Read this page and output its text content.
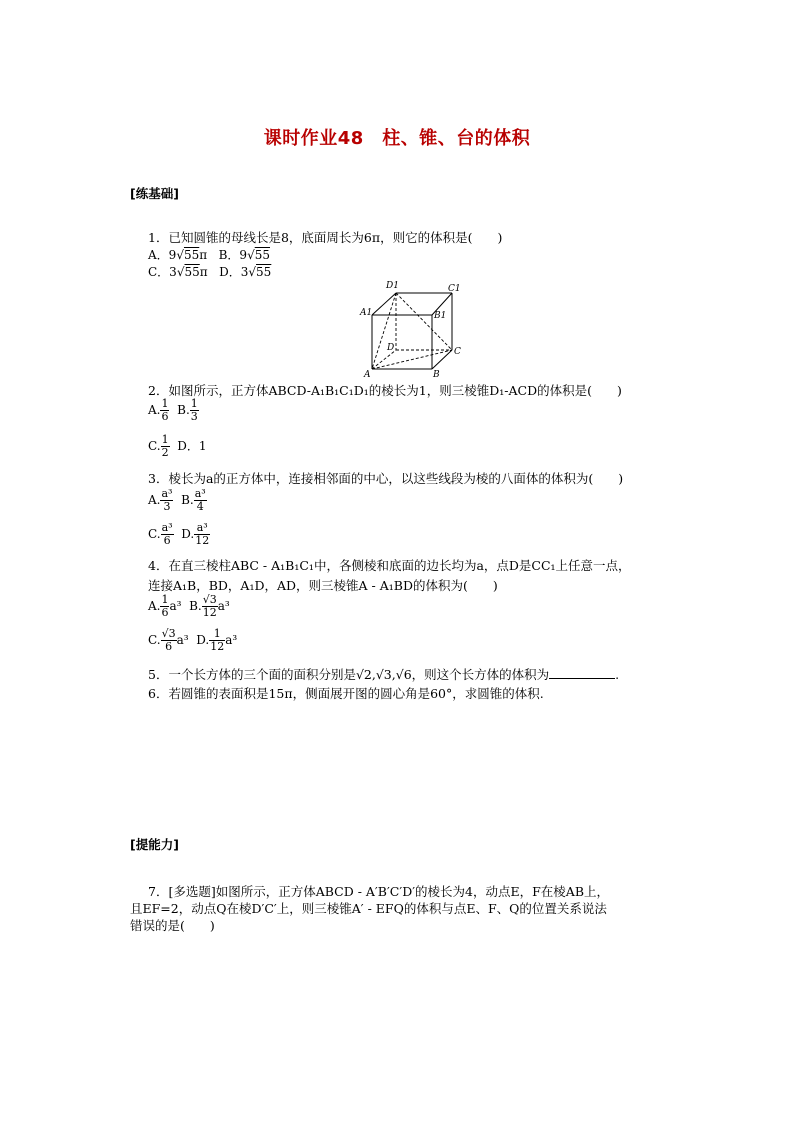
课时作业48　柱、锥、台的体积
[练基础]
1．已知圆锥的母线长是8，底面周长为6π，则它的体积是(　　)
A．9√55π B．9√55
C．3√55π D．3√55
D1	C1
A1	B1
D	C
A	B
2．如图所示，正方体ABCD-A₁B₁C₁D₁的棱长为1，则三棱锥D₁-ACD的体积是(　　)
A. $\frac{1}{6} B$. $\frac{1}{3}$
C. $\frac{1}{2}$ D．1
3．棱长为a的正方体中，连接相邻面的中心，以这些线段为棱的八面体的体积为(　　)
A. $\frac{\text{a³}}{3} B$. $\frac{\text{a³}}{4}$
C. $\frac{\text{a³}}{6} D$. $\frac{\text{a³}}{12}$
4．在直三棱柱ABC - A₁B₁C₁中，各侧棱和底面的边长均为a，点D是CC₁上任意一点，
连接A₁B，BD，A₁D，AD，则三棱锥A - A₁BD的体积为(　　)
A. $\frac{1}{6} a^3$ B. $\frac{√3}{12} a^3$
C. $\frac{√3}{6} a^3$ D. $\frac{1}{12} a^3$
5．一个长方体的三个面的面积分别是√2,√3,√6，则这个长方体的体积为	.
6．若圆锥的表面积是15π，侧面展开图的圆心角是60°，求圆锥的体积.
[提能力]
7．[多选题]如图所示，正方体ABCD - A′B′C′D′的棱长为4，动点E，F在棱AB上，
且EF=2，动点Q在棱D′C′上，则三棱锥A′ - EFQ的体积与点E、F、Q的位置关系说法
错误的是(　　)
